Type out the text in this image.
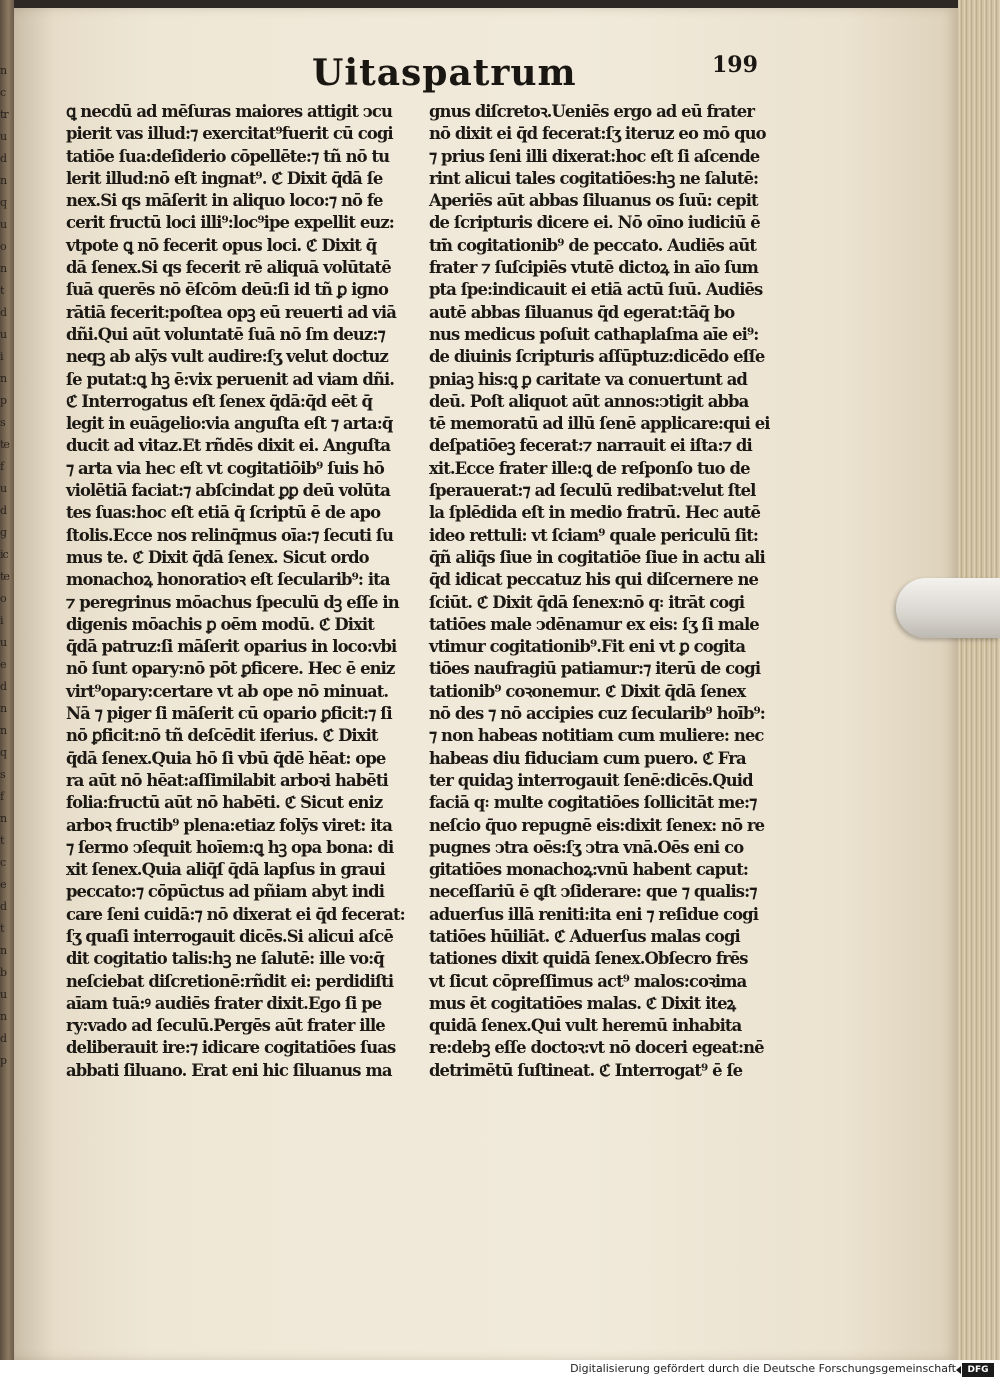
n
c
tr
u
d
n
q
u
o
n
t
d
u
i
n
p
s
te
f
u
d
g
ic
te
o
i
u
e
d
n
n
q
s
f
n
t
c
e
d
t
n
b
u
n
d
p
Uitaspatrum	199
ꝗ necdū ad mēſuras maiores attigit ↄcu
pierit vas illud:⁊ exercitat⁹fuerit cū cogi
tatiōe ſua:deſiderio cōpellēte:⁊ tñ nō tu
lerit illud:nō eſt ingnat⁹. ℭ Dixit q̄dā ſe
nex.Si qs māſerit in aliquo loco:⁊ nō fe
cerit fructū loci illi⁹:loc⁹ipe expellit euz:
vtpote ꝗ nō fecerit opus loci. ℭ Dixit q̄
dā ſenex.Si qs fecerit rē aliquā volūtatē
ſuā querēs nō ēſcōm deū:ſi id tñ ꝑ igno
rātiā fecerit:poſtea opꝫ eū reuerti ad viā
dñi.Qui aūt voluntatē ſuā nō ſm deuz:⁊
neqꝫ ab alȳs vult audire:ſʒ velut doctuz
ſe putat:ꝗ hꝫ ē:vix peruenit ad viam dñi.
ℭ Interrogatus eſt ſenex q̄dā:q̄d eēt q̄
legit in euāgelio:via anguſta eſt ⁊ arta:q̄
ducit ad vitaz.Et rñdēs dixit ei. Anguſta
⁊ arta via hec eſt vt cogitatiōib⁹ ſuis hō
violētiā faciat:⁊ abſcindat ꝑꝑ deū volūta
tes ſuas:hoc eſt etiā q̄ ſcriptū ē de apo
ſtolis.Ecce nos relinq̄mus oīa:⁊ ſecuti ſu
mus te. ℭ Dixit q̄dā ſenex. Sicut ordo
monachoꝝ honoratioꝛ eſt ſecularib⁹: ita
⁊ peregrinus mōachus ſpeculū dꝫ eſſe in
digenis mōachis ꝑ oēm modū. ℭ Dixit
q̄dā patruz:ſi māſerit oparius in loco:vbi
nō ſunt opary:nō pōt ꝑficere. Hec ē eniz
virt⁹opary:certare vt ab ope nō minuat.
Nā ⁊ piger ſi māſerit cū opario ꝑficit:⁊ ſi
nō ꝑficit:nō tñ deſcēdit iferius. ℭ Dixit
q̄dā ſenex.Quia hō ſi vbū q̄dē hēat: ope
ra aūt nō hēat:aſſimilabit arboꝛi habēti
folia:fructū aūt nō habēti. ℭ Sicut eniz
arboꝛ fructib⁹ plena:etiaz folȳs viret: ita
⁊ ſermo ↄſequit hoīem:ꝗ hꝫ opa bona: di
xit ſenex.Quia aliq̄ſ q̄dā lapſus in graui
peccato:⁊ cōpūctus ad pñiam abyt indi
care ſeni cuidā:⁊ nō dixerat ei q̄d fecerat:
ſʒ quaſi interrogauit dicēs.Si alicui aſcē
dit cogitatio talis:hꝫ ne ſalutē: ille vo:q̄
neſciebat diſcretionē:rñdit ei: perdidiſti
aīam tuā:ꝰ audiēs frater dixit.Ego ſi pe
ry:vado ad ſeculū.Pergēs aūt frater ille
deliberauit ire:⁊ idicare cogitatiōes ſuas
abbati ſiluano. Erat eni hic ſiluanus ma
gnus diſcretoꝛ.Ueniēs ergo ad eū frater
nō dixit ei q̄d fecerat:ſʒ iteruz eo mō quo
⁊ prius ſeni illi dixerat:hoc eſt ſi aſcende
rint alicui tales cogitatiōes:hꝫ ne ſalutē:
Aperiēs aūt abbas ſiluanus os ſuū: cepit
de ſcripturis dicere ei. Nō oīno iudiciū ē
tm̄ cogitationib⁹ de peccato. Audiēs aūt
frater ⁊ ſuſcipiēs vtutē dictoꝝ in aīo ſum
pta ſpe:indicauit ei etiā actū ſuū. Audiēs
autē abbas ſiluanus q̄d egerat:tāq̄ bo
nus medicus poſuit cathaplaſma aīe ei⁹:
de diuinis ſcripturis aſſūptuz:dicēdo eſſe
pniaꝫ his:ꝗ ꝑ caritate va conuertunt ad
deū. Poſt aliquot aūt annos:ↄtigit abba
tē memoratū ad illū ſenē applicare:qui ei
deſpatiōeꝫ fecerat:⁊ narrauit ei iſta:⁊ di
xit.Ecce frater ille:ꝗ de reſponſo tuo de
ſperauerat:⁊ ad ſeculū redibat:velut ſtel
la ſplēdida eſt in medio fratrū. Hec autē
ideo rettuli: vt ſciam⁹ quale periculū ſit:
q̄ñ aliq̄s ſiue in cogitatiōe ſiue in actu ali
q̄d idicat peccatuz his qui diſcernere ne
ſciūt. ℭ Dixit q̄dā ſenex:nō q꞉ itrāt cogi
tatiōes male ↄdēnamur ex eis: ſʒ ſi male
vtimur cogitationib⁹.Fit eni vt ꝑ cogita
tiōes naufragiū patiamur:⁊ iterū de cogi
tationib⁹ coꝛonemur. ℭ Dixit q̄dā ſenex
nō des ⁊ nō accipies cuz ſecularib⁹ hoīb⁹:
⁊ non habeas notitiam cum muliere: nec
habeas diu fiduciam cum puero. ℭ Fra
ter quidaꝫ interrogauit ſenē:dicēs.Quid
faciā q꞉ multe cogitatiōes ſollicitāt me:⁊
neſcio q̄uo repugnē eis:dixit ſenex: nō re
pugnes ↄtra oēs:ſʒ ↄtra vnā.Oēs eni co
gitatiōes monachoꝝ:vnū habent caput:
neceſſariū ē ꝗſt ↄſiderare: que ⁊ qualis:⁊
aduerſus illā reniti:ita eni ⁊ reſidue cogi
tatiōes hūiliāt. ℭ Aduerſus malas cogi
tationes dixit quidā ſenex.Obſecro frēs
vt ſicut cōpreſſimus act⁹ malos:coꝛima
mus ēt cogitatiōes malas. ℭ Dixit iteꝝ
quidā ſenex.Qui vult heremū inhabita
re:debꝫ eſſe doctoꝛ:vt nō doceri egeat:nē
detrimētū ſuſtineat. ℭ Interrogat⁹ ē ſe
Digitalisierung gefördert durch die Deutsche Forschungsgemeinschaft	DFG
